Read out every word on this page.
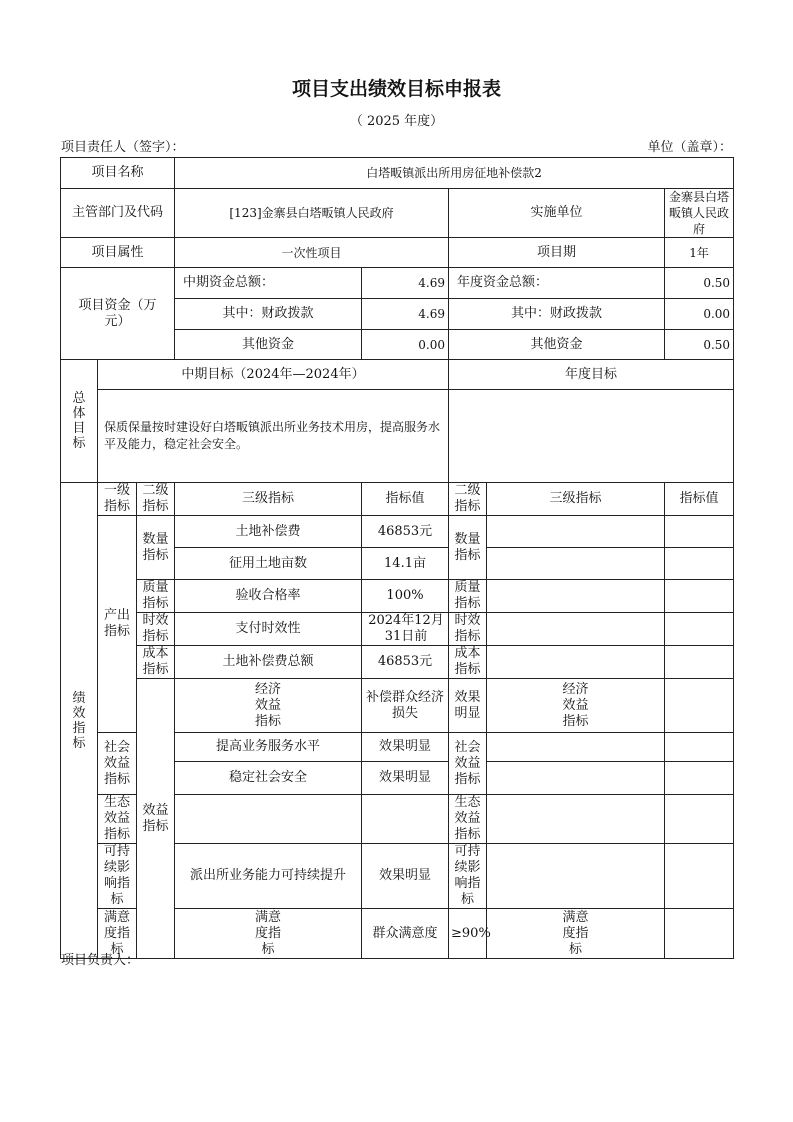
项目支出绩效目标申报表
（ 2025 年度）
项目责任人（签字）：	单位（盖章）：
项目名称			白塔畈镇派出所用房征地补偿款2					
主管部门及代码			[123]金寨县白塔畈镇人民政府		实施单位		金寨县白塔畈镇人民政府	
项目属性			一次性项目		项目期		1年	

项目资金（万元）			中期资金总额：	4.69	年度资金总额：		0.50	
			其中：财政拨款	4.69	其中：财政拨款		0.00	
			其他资金	0.00	其他资金		0.50	

总体目标	中期目标（2024年—2024年）				年度目标			
	保质保量按时建设好白塔畈镇派出所业务技术用房，提高服务水平及能力，稳定社会安全。							

绩效指标	一级指标	二级指标	三级指标	指标值	二级指标	三级指标	指标值	

	产出指标	数量指标	土地补偿费	46853元	数量指标			

			征用土地亩数	14.1亩				

		质量指标	验收合格率	100%	质量指标			

		时效指标	支付时效性	2024年12月31日前	时效指标			

		成本指标	土地补偿费总额	46853元	成本指标			

		效益指标	经济效益指标	补偿群众经济损失	效果明显	经济效益指标		

	社会效益指标		提高业务服务水平	效果明显	社会效益指标			

			稳定社会安全	效果明显				

	生态效益指标				生态效益指标			

	可持续影响指标		派出所业务能力可持续提升	效果明显	可持续影响指标			

	满意度指标		满意度指标	群众满意度	≥90%	满意度指标		

项目负责人：
